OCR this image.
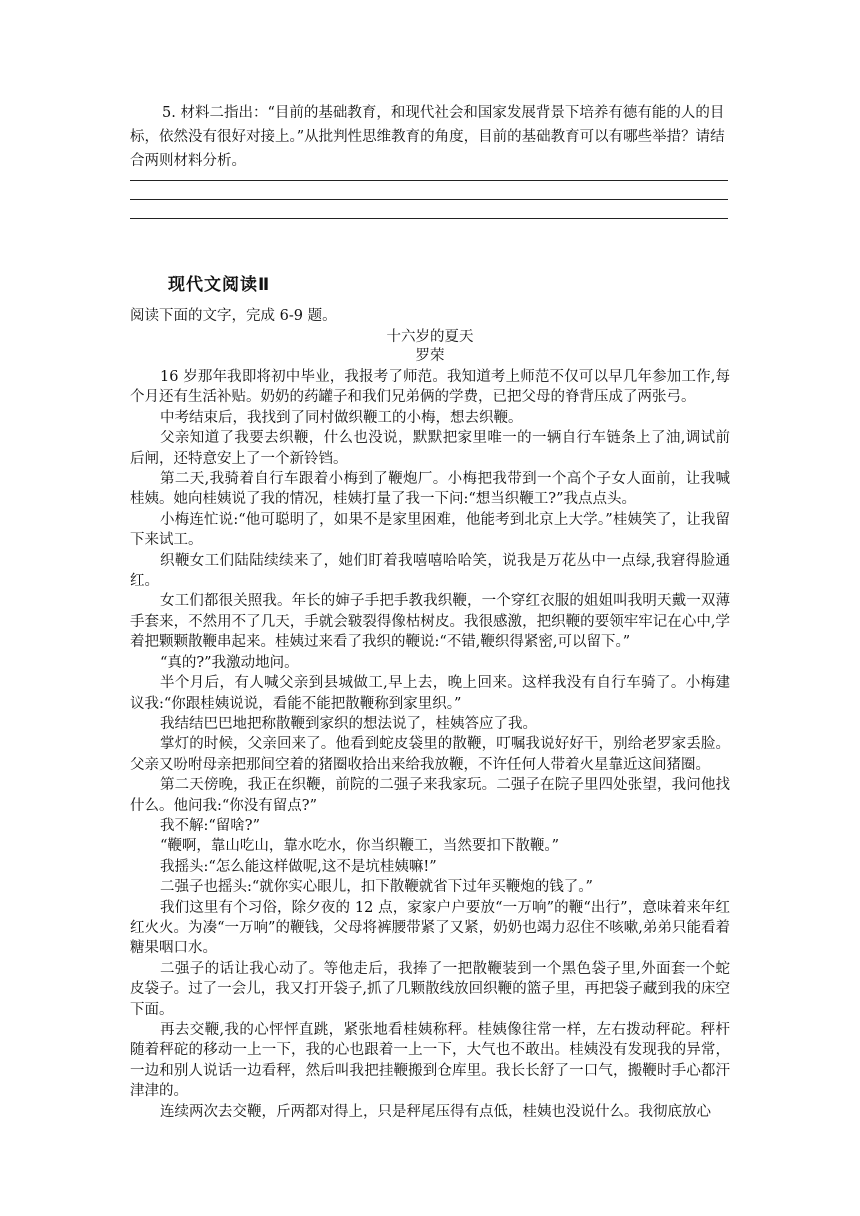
5. 材料二指出：“目前的基础教育，和现代社会和国家发展背景下培养有德有能的人的目标，依然没有很好对接上。”从批判性思维教育的角度，目前的基础教育可以有哪些举措？请结合两则材料分析。

现代文阅读Ⅱ

阅读下面的文字，完成 6-9 题。

十六岁的夏天

罗荣

16 岁那年我即将初中毕业，我报考了师范。我知道考上师范不仅可以早几年参加工作,每个月还有生活补贴。奶奶的药罐子和我们兄弟俩的学费，已把父母的脊背压成了两张弓。

中考结束后，我找到了同村做织鞭工的小梅，想去织鞭。

父亲知道了我要去织鞭，什么也没说，默默把家里唯一的一辆自行车链条上了油,调试前后闸，还特意安上了一个新铃铛。

第二天,我骑着自行车跟着小梅到了鞭炮厂。小梅把我带到一个高个子女人面前，让我喊桂姨。她向桂姨说了我的情况，桂姨打量了我一下问:“想当织鞭工?”我点点头。

小梅连忙说:“他可聪明了，如果不是家里困难，他能考到北京上大学。”桂姨笑了，让我留下来试工。

织鞭女工们陆陆续续来了，她们盯着我嘻嘻哈哈笑，说我是万花丛中一点绿,我窘得脸通红。

女工们都很关照我。年长的婶子手把手教我织鞭，一个穿红衣服的姐姐叫我明天戴一双薄手套来，不然用不了几天，手就会皲裂得像枯树皮。我很感激，把织鞭的要领牢牢记在心中,学着把颗颗散鞭串起来。桂姨过来看了我织的鞭说:“不错,鞭织得紧密,可以留下。”

“真的?”我激动地问。

半个月后，有人喊父亲到县城做工,早上去，晚上回来。这样我没有自行车骑了。小梅建议我:“你跟桂姨说说，看能不能把散鞭称到家里织。”

我结结巴巴地把称散鞭到家织的想法说了，桂姨答应了我。

掌灯的时候，父亲回来了。他看到蛇皮袋里的散鞭，叮嘱我说好好干，别给老罗家丢脸。父亲又吩咐母亲把那间空着的猪圈收拾出来给我放鞭，不许任何人带着火星靠近这间猪圈。

第二天傍晚，我正在织鞭，前院的二强子来我家玩。二强子在院子里四处张望，我问他找什么。他问我:“你没有留点?”

我不解:“留啥?”

“鞭啊，靠山吃山，靠水吃水，你当织鞭工，当然要扣下散鞭。”

我摇头:“怎么能这样做呢,这不是坑桂姨嘛!”

二强子也摇头:“就你实心眼儿，扣下散鞭就省下过年买鞭炮的钱了。”

我们这里有个习俗，除夕夜的 12 点，家家户户要放“一万响”的鞭“出行”，意味着来年红红火火。为凑“一万响”的鞭钱，父母将裤腰带紧了又紧，奶奶也竭力忍住不咳嗽,弟弟只能看着糖果咽口水。

二强子的话让我心动了。等他走后，我捧了一把散鞭装到一个黑色袋子里,外面套一个蛇皮袋子。过了一会儿，我又打开袋子,抓了几颗散线放回织鞭的篮子里，再把袋子藏到我的床空下面。

再去交鞭,我的心怦怦直跳，紧张地看桂姨称秤。桂姨像往常一样，左右拨动秤砣。秤杆随着秤砣的移动一上一下，我的心也跟着一上一下，大气也不敢出。桂姨没有发现我的异常，一边和别人说话一边看秤，然后叫我把挂鞭搬到仓库里。我长长舒了一口气，搬鞭时手心都汗津津的。

连续两次去交鞭，斤两都对得上，只是秤尾压得有点低，桂姨也没说什么。我彻底放心
